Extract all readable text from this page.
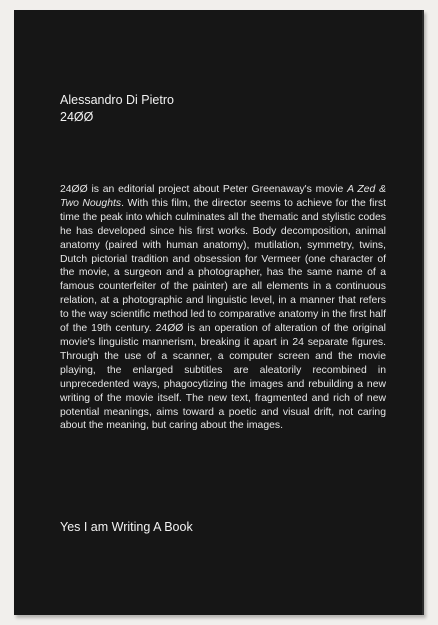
Alessandro Di Pietro
24ØØ
24ØØ is an editorial project about Peter Greenaway's movie A Zed & Two Noughts. With this film, the director seems to achieve for the first time the peak into which culminates all the thematic and stylistic codes he has developed since his first works. Body decomposition, animal anatomy (paired with human anatomy), mutilation, symmetry, twins, Dutch pictorial tradition and obsession for Vermeer (one character of the movie, a surgeon and a photographer, has the same name of a famous counterfeiter of the painter) are all elements in a continuous relation, at a photographic and linguistic level, in a manner that refers to the way scientific method led to comparative anatomy in the first half of the 19th century. 24ØØ is an operation of alteration of the original movie's linguistic mannerism, breaking it apart in 24 separate figures. Through the use of a scanner, a computer screen and the movie playing, the enlarged subtitles are aleatorily recombined in unprecedented ways, phagocytizing the images and rebuilding a new writing of the movie itself. The new text, fragmented and rich of new potential meanings, aims toward a poetic and visual drift, not caring about the meaning, but caring about the images.
Yes I am Writing A Book
